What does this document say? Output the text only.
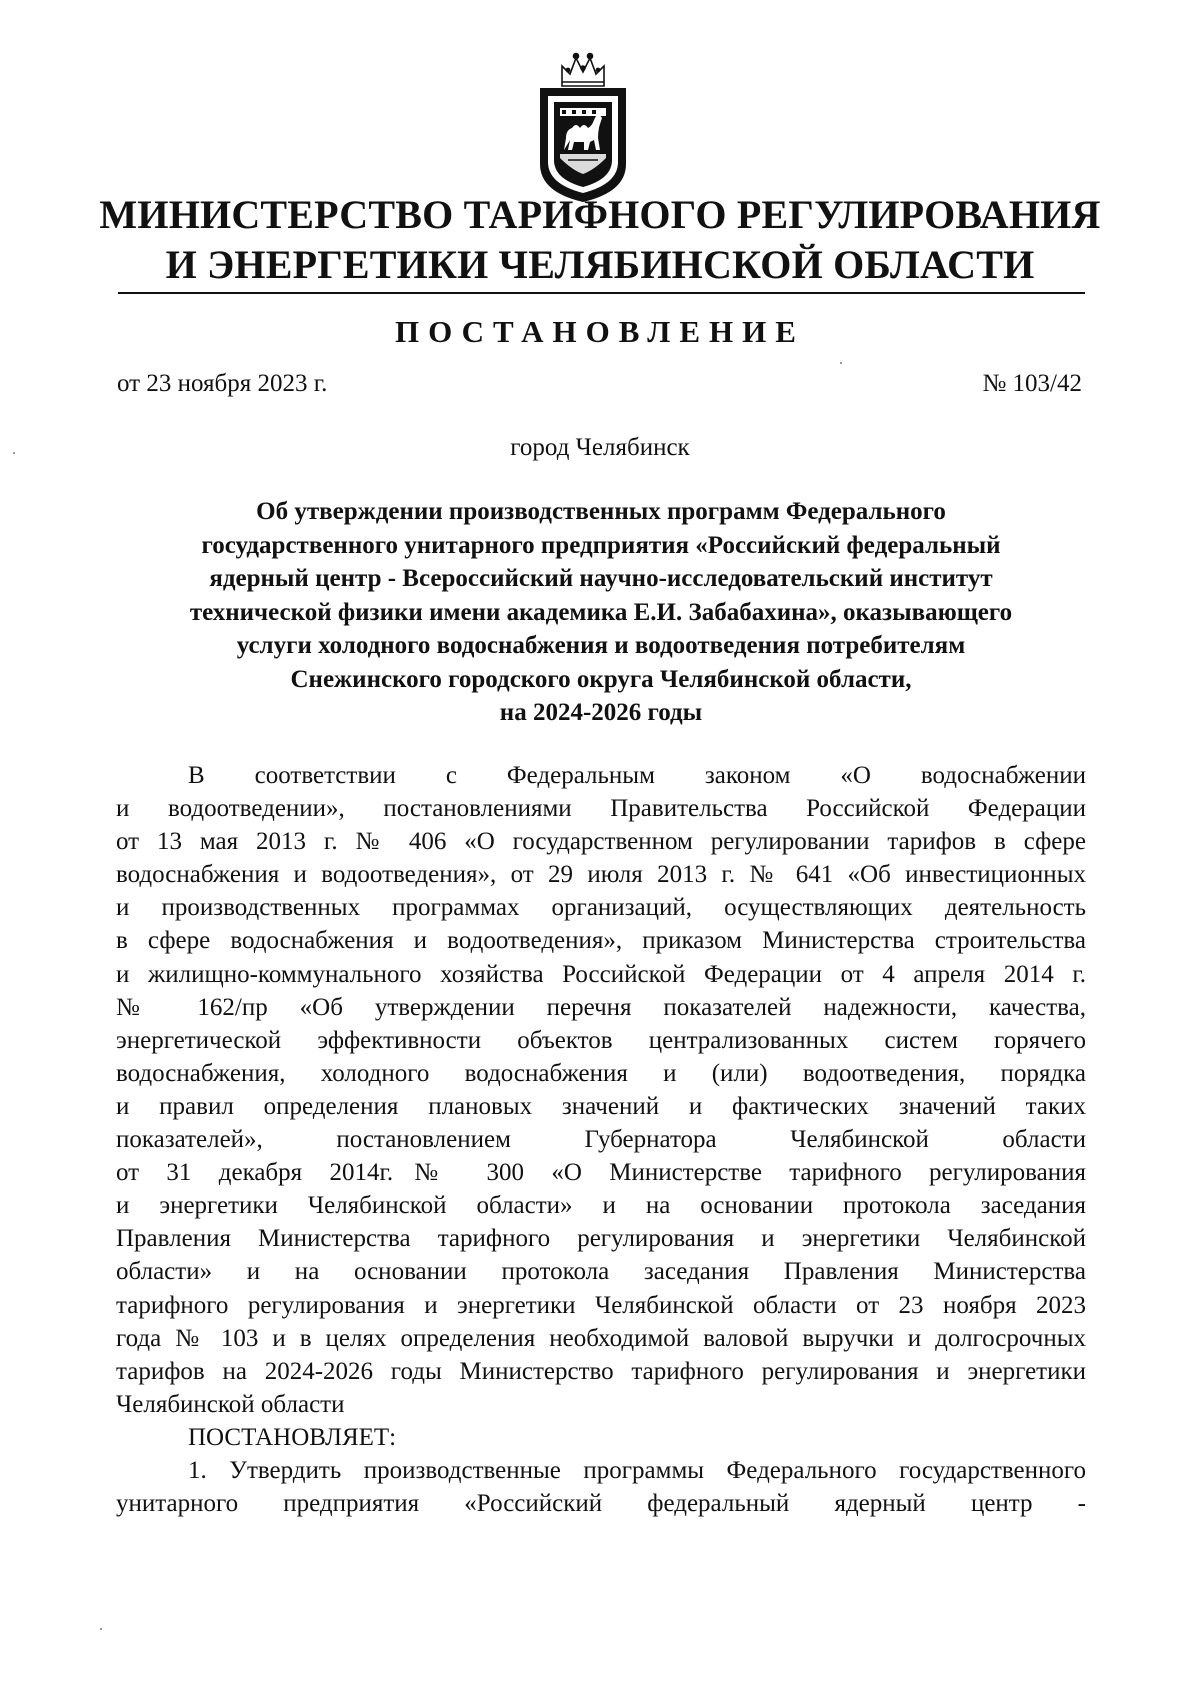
МИНИСТЕРСТВО ТАРИФНОГО РЕГУЛИРОВАНИЯ
И ЭНЕРГЕТИКИ ЧЕЛЯБИНСКОЙ ОБЛАСТИ
ПОСТАНОВЛЕНИЕ
от 23 ноября 2023 г.	№ 103/42
город Челябинск
Об утверждении производственных программ Федерального
государственного унитарного предприятия «Российский федеральный
ядерный центр - Всероссийский научно-исследовательский институт
технической физики имени академика Е.И. Забабахина», оказывающего
услуги холодного водоснабжения и водоотведения потребителям
Снежинского городского округа Челябинской области,
на 2024-2026 годы
В соответствии с Федеральным законом «О водоснабжении
и водоотведении», постановлениями Правительства Российской Федерации
от 13 мая 2013 г. № 406 «О государственном регулировании тарифов в сфере
водоснабжения и водоотведения», от 29 июля 2013 г. № 641 «Об инвестиционных
и производственных программах организаций, осуществляющих деятельность
в сфере водоснабжения и водоотведения», приказом Министерства строительства
и жилищно-коммунального хозяйства Российской Федерации от 4 апреля 2014 г.
№ 162/пр «Об утверждении перечня показателей надежности, качества,
энергетической эффективности объектов централизованных систем горячего
водоснабжения, холодного водоснабжения и (или) водоотведения, порядка
и правил определения плановых значений и фактических значений таких
показателей», постановлением Губернатора Челябинской области
от 31 декабря 2014г.№ 300 «О Министерстве тарифного регулирования
и энергетики Челябинской области» и на основании протокола заседания
Правления Министерства тарифного регулирования и энергетики Челябинской
области» и на основании протокола заседания Правления Министерства
тарифного регулирования и энергетики Челябинской области от 23 ноября 2023
года № 103 и в целях определения необходимой валовой выручки и долгосрочных
тарифов на 2024-2026 годы Министерство тарифного регулирования и энергетики
Челябинской области
ПОСТАНОВЛЯЕТ:
1. Утвердить производственные программы Федерального государственного
унитарного предприятия «Российский федеральный ядерный центр -
